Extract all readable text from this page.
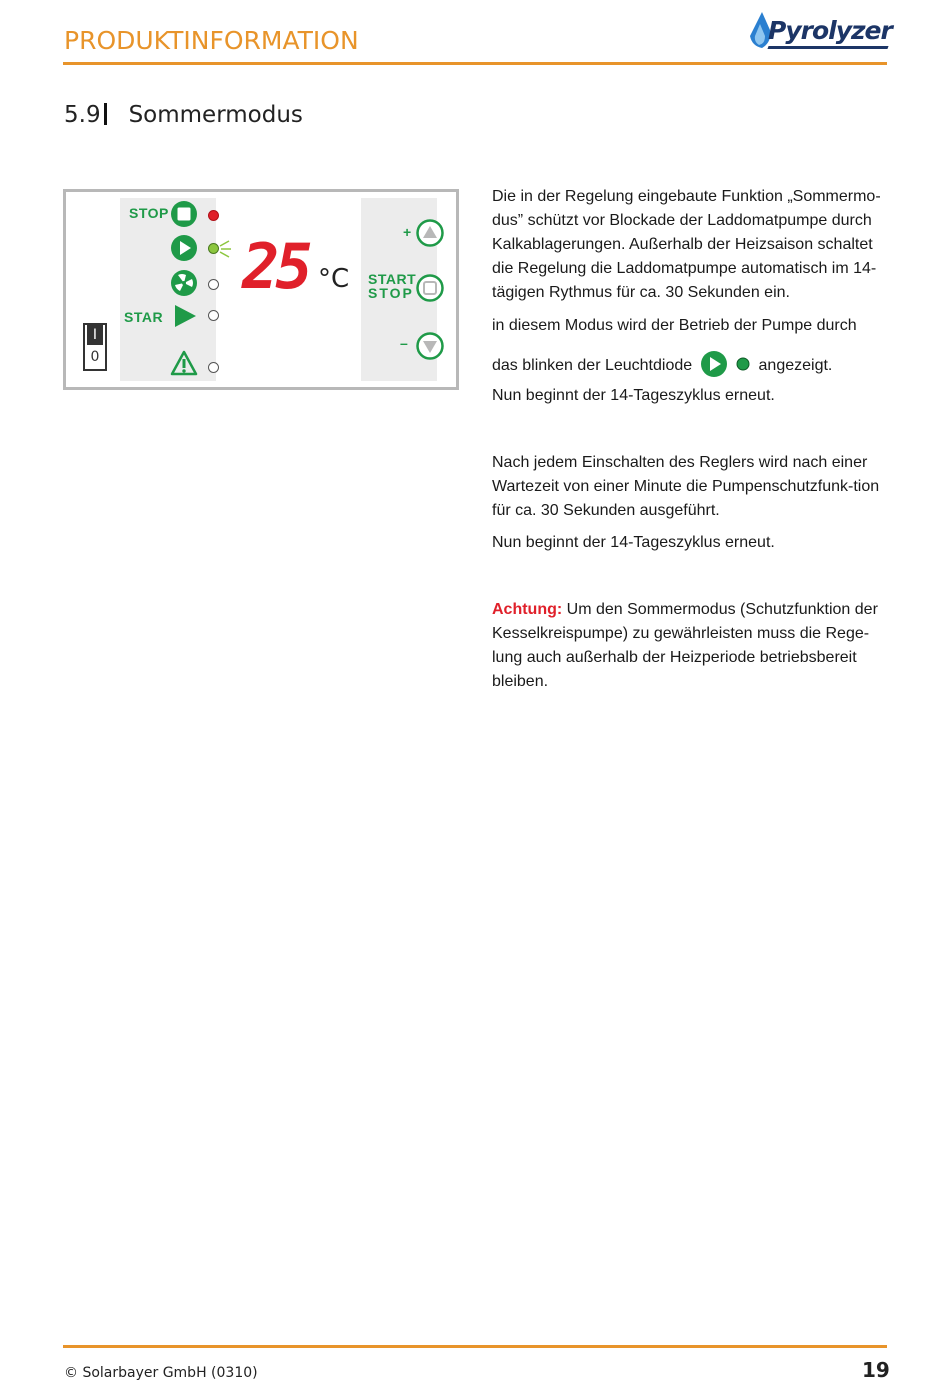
PRODUKTINFORMATION	Pyrolyzer
5.9 Sommermodus
I
0
STOP
STAR
25 °C
+
START
STOP
–

Die in der Regelung eingebaute Funktion „Sommermo-dus” schützt vor Blockade der Laddomatpumpe durch Kalkablagerungen. Außerhalb der Heizsaison schaltet die Regelung die Laddomatpumpe automatisch im 14-tägigen Rythmus für ca. 30 Sekunden ein.

in diesem Modus wird der Betrieb der Pumpe durch

das blinken der Leuchtdiode	angezeigt.

Nun beginnt der 14-Tageszyklus erneut.

Nach jedem Einschalten des Reglers wird nach einer Wartezeit von einer Minute die Pumpenschutzfunk-tion für ca. 30 Sekunden ausgeführt.

Nun beginnt der 14-Tageszyklus erneut.

Achtung: Um den Sommermodus (Schutzfunktion der Kesselkreispumpe) zu gewährleisten muss die Rege-lung auch außerhalb der Heizperiode betriebsbereit bleiben.

© Solarbayer GmbH (0310)	19
